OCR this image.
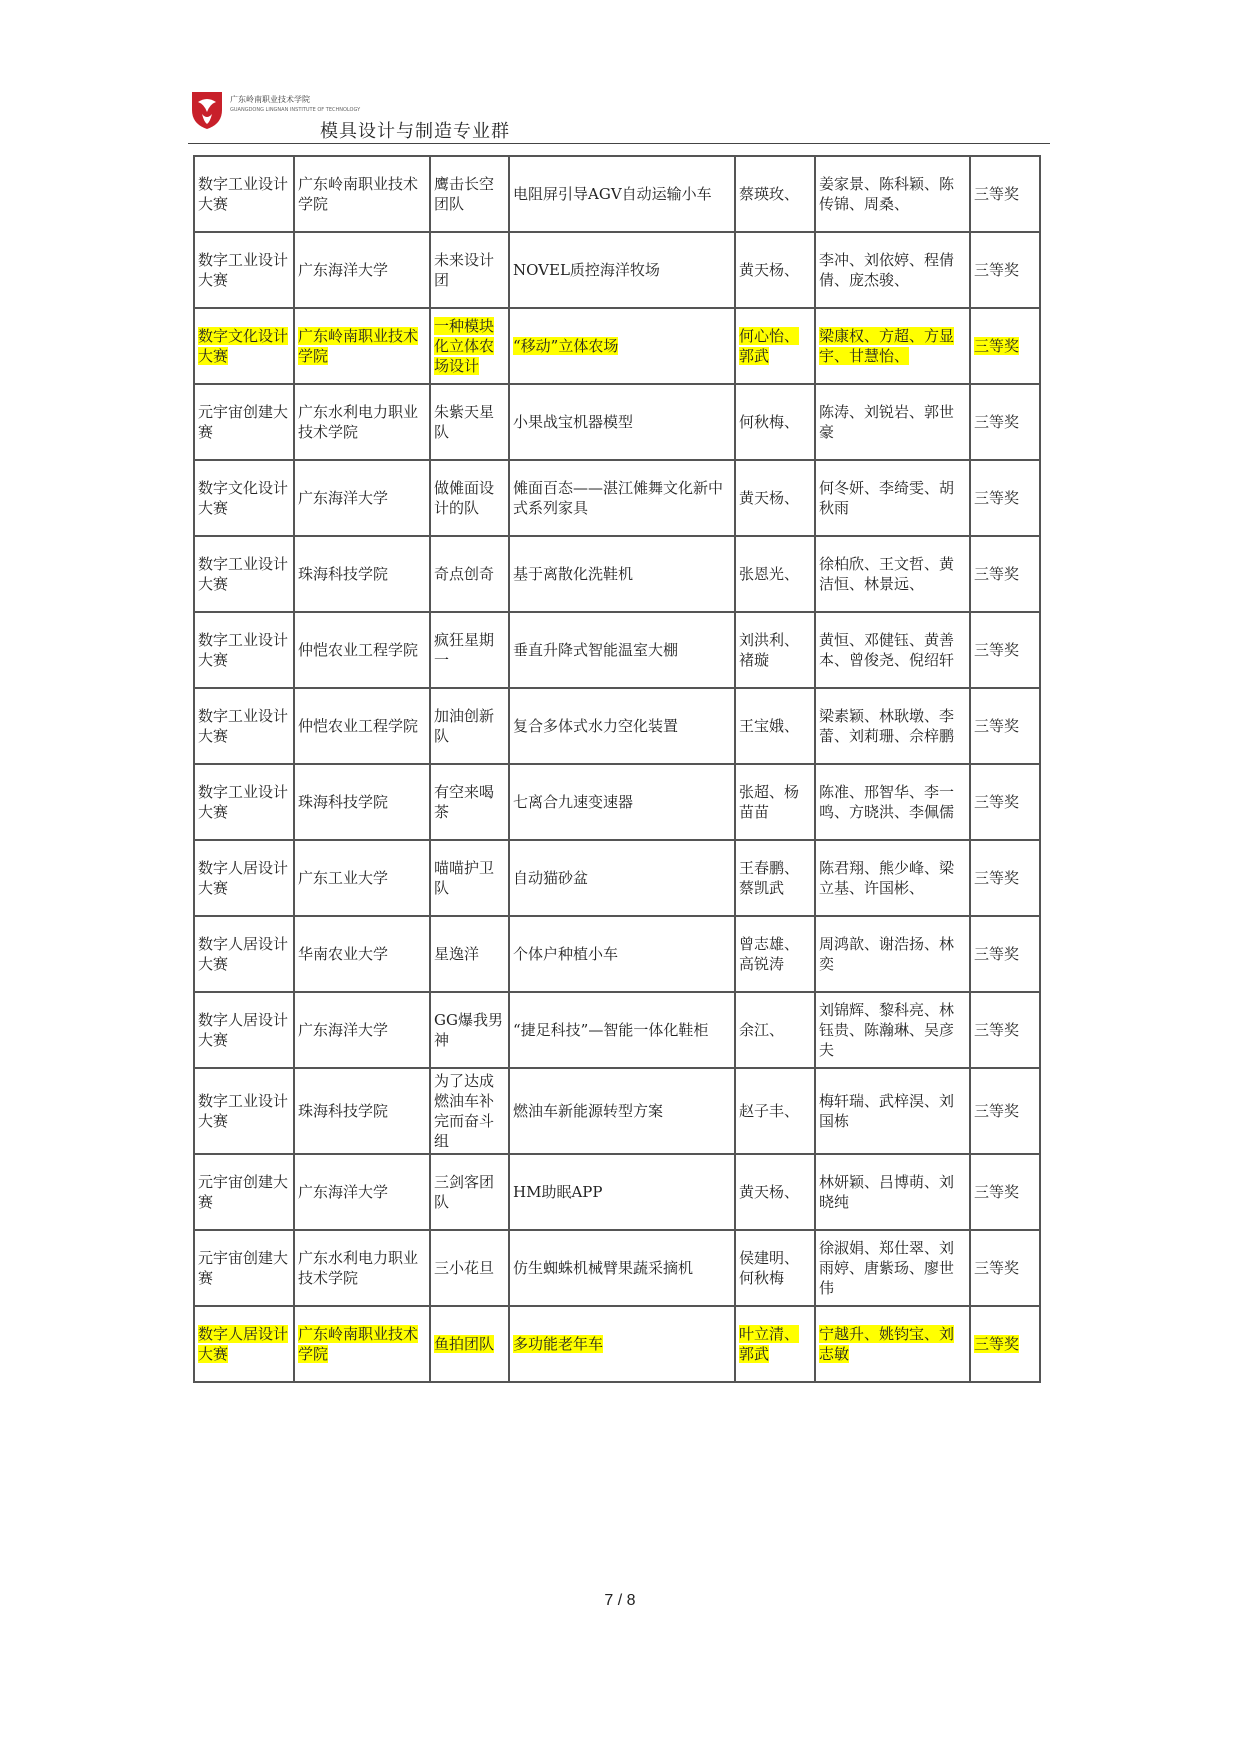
广东岭南职业技术学院
GUANGDONG LINGNAN INSTITUTE OF TECHNOLOGY
模具设计与制造专业群
数字工业设计大赛	广东岭南职业技术学院	鹰击长空团队	电阻屏引导AGV自动运输小车	蔡瑛玫、	姜家景、陈科颖、陈传锦、周桑、	三等奖
数字工业设计大赛	广东海洋大学	未来设计团	NOVEL质控海洋牧场	黄天杨、	李冲、刘依婷、程倩倩、庞杰骏、	三等奖
数字文化设计大赛	广东岭南职业技术学院	一种模块化立体农场设计	“移动”立体农场	何心怡、郭武	梁康权、方超、方显宇、甘慧怡、	三等奖
元宇宙创建大赛	广东水利电力职业技术学院	朱紫天星队	小果战宝机器模型	何秋梅、	陈涛、刘锐岩、郭世豪	三等奖
数字文化设计大赛	广东海洋大学	做傩面设计的队	傩面百态——湛江傩舞文化新中式系列家具	黄天杨、	何冬妍、李绮雯、胡秋雨	三等奖
数字工业设计大赛	珠海科技学院	奇点创奇	基于离散化洗鞋机	张恩光、	徐柏欣、王文哲、黄洁恒、林景远、	三等奖
数字工业设计大赛	仲恺农业工程学院	疯狂星期一	垂直升降式智能温室大棚	刘洪利、褚璇	黄恒、邓健钰、黄善本、曾俊尧、倪绍轩	三等奖
数字工业设计大赛	仲恺农业工程学院	加油创新队	复合多体式水力空化装置	王宝娥、	梁素颖、林耿墩、李蕾、刘莉珊、佘梓鹏	三等奖
数字工业设计大赛	珠海科技学院	有空来喝茶	七离合九速变速器	张超、杨苗苗	陈准、邢智华、李一鸣、方晓洪、李佩儒	三等奖
数字人居设计大赛	广东工业大学	喵喵护卫队	自动猫砂盆	王春鹏、蔡凯武	陈君翔、熊少峰、梁立基、许国彬、	三等奖
数字人居设计大赛	华南农业大学	星逸洋	个体户种植小车	曾志雄、高锐涛	周鸿歆、谢浩扬、林奕	三等奖
数字人居设计大赛	广东海洋大学	GG爆我男神	“捷足科技”—智能一体化鞋柜	余江、	刘锦辉、黎科亮、林钰贵、陈瀚琳、吴彦夫	三等奖
数字工业设计大赛	珠海科技学院	为了达成燃油车补完而奋斗组	燃油车新能源转型方案	赵子丰、	梅轩瑞、武梓淏、刘国栋	三等奖
元宇宙创建大赛	广东海洋大学	三剑客团队	HM助眠APP	黄天杨、	林妍颖、吕博萌、刘晓纯	三等奖
元宇宙创建大赛	广东水利电力职业技术学院	三小花旦	仿生蜘蛛机械臂果蔬采摘机	侯建明、何秋梅	徐淑娟、郑仕翠、刘雨婷、唐紫玚、廖世伟	三等奖
数字人居设计大赛	广东岭南职业技术学院	鱼拍团队	多功能老年车	叶立清、郭武	宁越升、姚钧宝、刘志敏	三等奖
7 / 8
